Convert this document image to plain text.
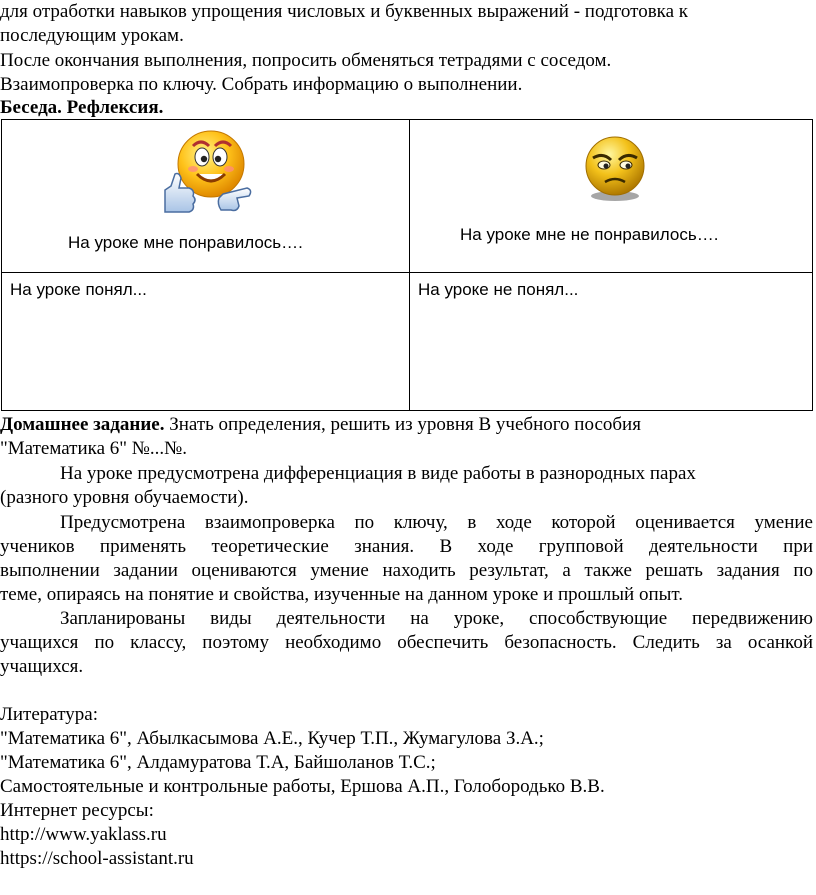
для отработки навыков упрощения числовых и буквенных выражений - подготовка к
последующим урокам.
После окончания выполнения, попросить обменяться тетрадями с соседом.
Взаимопроверка по ключу. Собрать информацию о выполнении.
Беседа. Рефлексия.
На уроке мне понравилось….	На уроке мне не понравилось….
На уроке понял...	На уроке не понял...
Домашнее задание. Знать определения, решить из уровня В учебного пособия
"Математика 6" №...№.
На уроке предусмотрена дифференциация в виде работы в разнородных парах
(разного уровня обучаемости).
Предусмотрена взаимопроверка по ключу, в ходе которой оценивается умение
учеников применять теоретические знания. В ходе групповой деятельности при
выполнении задании оцениваются умение находить результат, а также решать задания по
теме, опираясь на понятие и свойства, изученные на данном уроке и прошлый опыт.
Запланированы виды деятельности на уроке, способствующие передвижению
учащихся по классу, поэтому необходимо обеспечить безопасность. Следить за осанкой
учащихся.
Литература:
"Математика 6", Абылкасымова А.Е., Кучер Т.П., Жумагулова З.А.;
"Математика 6", Алдамуратова Т.А, Байшоланов Т.С.;
Самостоятельные и контрольные работы, Ершова А.П., Голобородько В.В.
Интернет ресурсы:
http://www.yaklass.ru
https://school-assistant.ru
